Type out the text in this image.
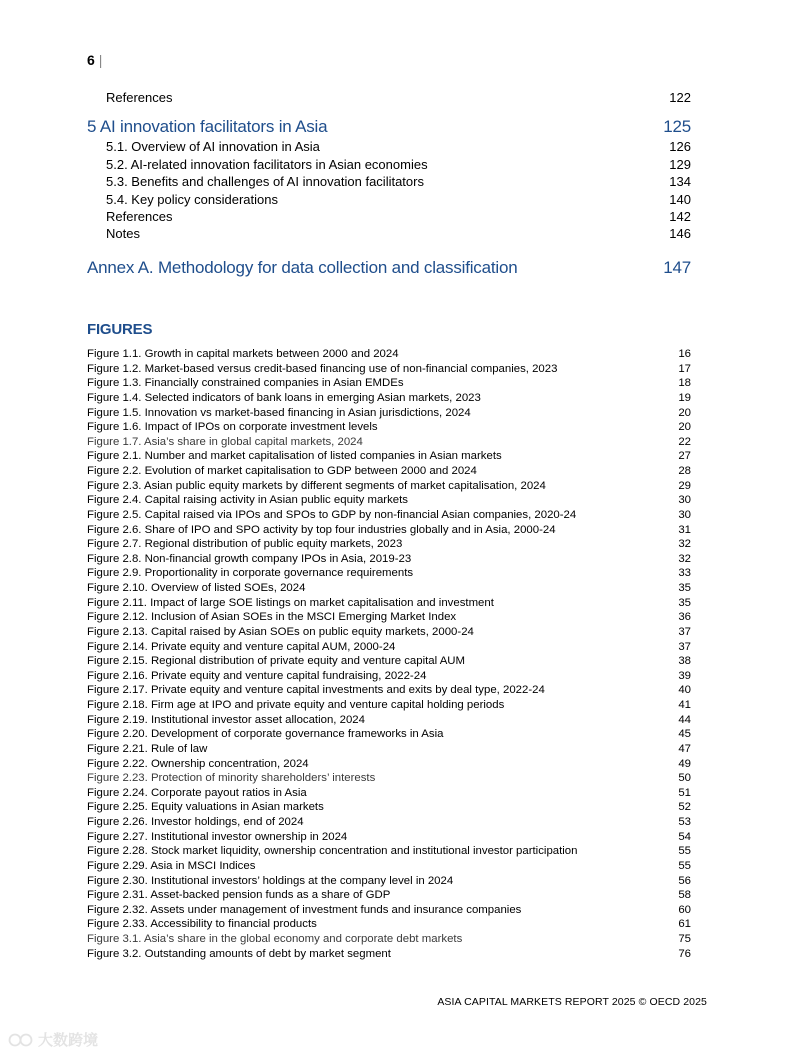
6 |
References	122
5 AI innovation facilitators in Asia	125
5.1. Overview of AI innovation in Asia	126
5.2. AI-related innovation facilitators in Asian economies	129
5.3. Benefits and challenges of AI innovation facilitators	134
5.4. Key policy considerations	140
References	142
Notes	146
Annex A. Methodology for data collection and classification	147
FIGURES
Figure 1.1. Growth in capital markets between 2000 and 2024	16
Figure 1.2. Market-based versus credit-based financing use of non-financial companies, 2023	17
Figure 1.3. Financially constrained companies in Asian EMDEs	18
Figure 1.4. Selected indicators of bank loans in emerging Asian markets, 2023	19
Figure 1.5. Innovation vs market-based financing in Asian jurisdictions, 2024	20
Figure 1.6. Impact of IPOs on corporate investment levels	20
Figure 1.7. Asia’s share in global capital markets, 2024	22
Figure 2.1. Number and market capitalisation of listed companies in Asian markets	27
Figure 2.2. Evolution of market capitalisation to GDP between 2000 and 2024	28
Figure 2.3. Asian public equity markets by different segments of market capitalisation, 2024	29
Figure 2.4. Capital raising activity in Asian public equity markets	30
Figure 2.5. Capital raised via IPOs and SPOs to GDP by non-financial Asian companies, 2020-24	30
Figure 2.6. Share of IPO and SPO activity by top four industries globally and in Asia, 2000-24	31
Figure 2.7. Regional distribution of public equity markets, 2023	32
Figure 2.8. Non-financial growth company IPOs in Asia, 2019-23	32
Figure 2.9. Proportionality in corporate governance requirements	33
Figure 2.10. Overview of listed SOEs, 2024	35
Figure 2.11. Impact of large SOE listings on market capitalisation and investment	35
Figure 2.12. Inclusion of Asian SOEs in the MSCI Emerging Market Index	36
Figure 2.13. Capital raised by Asian SOEs on public equity markets, 2000-24	37
Figure 2.14. Private equity and venture capital AUM, 2000-24	37
Figure 2.15. Regional distribution of private equity and venture capital AUM	38
Figure 2.16. Private equity and venture capital fundraising, 2022-24	39
Figure 2.17. Private equity and venture capital investments and exits by deal type, 2022-24	40
Figure 2.18. Firm age at IPO and private equity and venture capital holding periods	41
Figure 2.19. Institutional investor asset allocation, 2024	44
Figure 2.20. Development of corporate governance frameworks in Asia	45
Figure 2.21. Rule of law	47
Figure 2.22. Ownership concentration, 2024	49
Figure 2.23. Protection of minority shareholders’ interests	50
Figure 2.24. Corporate payout ratios in Asia	51
Figure 2.25. Equity valuations in Asian markets	52
Figure 2.26. Investor holdings, end of 2024	53
Figure 2.27. Institutional investor ownership in 2024	54
Figure 2.28. Stock market liquidity, ownership concentration and institutional investor participation	55
Figure 2.29. Asia in MSCI Indices	55
Figure 2.30. Institutional investors’ holdings at the company level in 2024	56
Figure 2.31. Asset-backed pension funds as a share of GDP	58
Figure 2.32. Assets under management of investment funds and insurance companies	60
Figure 2.33. Accessibility to financial products	61
Figure 3.1. Asia’s share in the global economy and corporate debt markets	75
Figure 3.2. Outstanding amounts of debt by market segment	76
ASIA CAPITAL MARKETS REPORT 2025 © OECD 2025
大数跨境
